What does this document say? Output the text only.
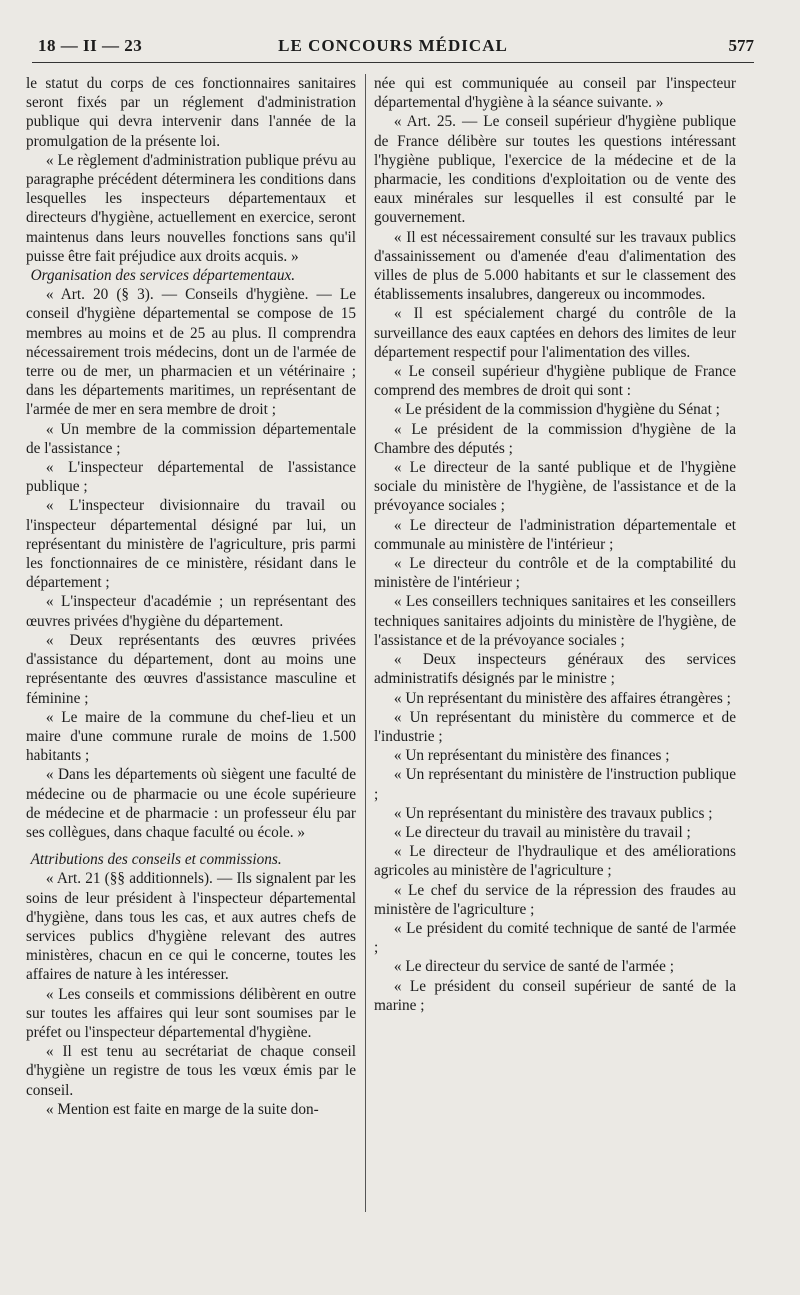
18 — II — 23	LE CONCOURS MÉDICAL	577

le statut du corps de ces fonctionnaires sanitaires seront fixés par un réglement d'administration publique qui devra intervenir dans l'année de la promulgation de la présente loi.

« Le règlement d'administration publique prévu au paragraphe précédent déterminera les conditions dans lesquelles les inspecteurs départementaux et directeurs d'hygiène, actuellement en exercice, seront maintenus dans leurs nouvelles fonctions sans qu'il puisse être fait préjudice aux droits acquis. »

Organisation des services départementaux.

« Art. 20 (§ 3). — Conseils d'hygiène. — Le conseil d'hygiène départemental se compose de 15 membres au moins et de 25 au plus. Il comprendra nécessairement trois médecins, dont un de l'armée de terre ou de mer, un pharmacien et un vétérinaire ; dans les départements maritimes, un représentant de l'armée de mer en sera membre de droit ;

« Un membre de la commission départementale de l'assistance ;

« L'inspecteur départemental de l'assistance publique ;

« L'inspecteur divisionnaire du travail ou l'inspecteur départemental désigné par lui, un représentant du ministère de l'agriculture, pris parmi les fonctionnaires de ce ministère, résidant dans le département ;

« L'inspecteur d'académie ; un représentant des œuvres privées d'hygiène du département.

« Deux représentants des œuvres privées d'assistance du département, dont au moins une représentante des œuvres d'assistance masculine et féminine ;

« Le maire de la commune du chef-lieu et un maire d'une commune rurale de moins de 1.500 habitants ;

« Dans les départements où siègent une faculté de médecine ou de pharmacie ou une école supérieure de médecine et de pharmacie : un professeur élu par ses collègues, dans chaque faculté ou école. »

Attributions des conseils et commissions.

« Art. 21 (§§ additionnels). — Ils signalent par les soins de leur président à l'inspecteur départemental d'hygiène, dans tous les cas, et aux autres chefs de services publics d'hygiène relevant des autres ministères, chacun en ce qui le concerne, toutes les affaires de nature à les intéresser.

« Les conseils et commissions délibèrent en outre sur toutes les affaires qui leur sont soumises par le préfet ou l'inspecteur départemental d'hygiène.

« Il est tenu au secrétariat de chaque conseil d'hygiène un registre de tous les vœux émis par le conseil.

« Mention est faite en marge de la suite don-

née qui est communiquée au conseil par l'inspecteur départemental d'hygiène à la séance suivante. »

« Art. 25. — Le conseil supérieur d'hygiène publique de France délibère sur toutes les questions intéressant l'hygiène publique, l'exercice de la médecine et de la pharmacie, les conditions d'exploitation ou de vente des eaux minérales sur lesquelles il est consulté par le gouvernement.

« Il est nécessairement consulté sur les travaux publics d'assainissement ou d'amenée d'eau d'alimentation des villes de plus de 5.000 habitants et sur le classement des établissements insalubres, dangereux ou incommodes.

« Il est spécialement chargé du contrôle de la surveillance des eaux captées en dehors des limites de leur département respectif pour l'alimentation des villes.

« Le conseil supérieur d'hygiène publique de France comprend des membres de droit qui sont :

« Le président de la commission d'hygiène du Sénat ;

« Le président de la commission d'hygiène de la Chambre des députés ;

« Le directeur de la santé publique et de l'hygiène sociale du ministère de l'hygiène, de l'assistance et de la prévoyance sociales ;

« Le directeur de l'administration départementale et communale au ministère de l'intérieur ;

« Le directeur du contrôle et de la comptabilité du ministère de l'intérieur ;

« Les conseillers techniques sanitaires et les conseillers techniques sanitaires adjoints du ministère de l'hygiène, de l'assistance et de la prévoyance sociales ;

« Deux inspecteurs généraux des services administratifs désignés par le ministre ;

« Un représentant du ministère des affaires étrangères ;

« Un représentant du ministère du commerce et de l'industrie ;

« Un représentant du ministère des finances ;

« Un représentant du ministère de l'instruction publique ;

« Un représentant du ministère des travaux publics ;

« Le directeur du travail au ministère du travail ;

« Le directeur de l'hydraulique et des améliorations agricoles au ministère de l'agriculture ;

« Le chef du service de la répression des fraudes au ministère de l'agriculture ;

« Le président du comité technique de santé de l'armée ;

« Le directeur du service de santé de l'armée ;

« Le président du conseil supérieur de santé de la marine ;
